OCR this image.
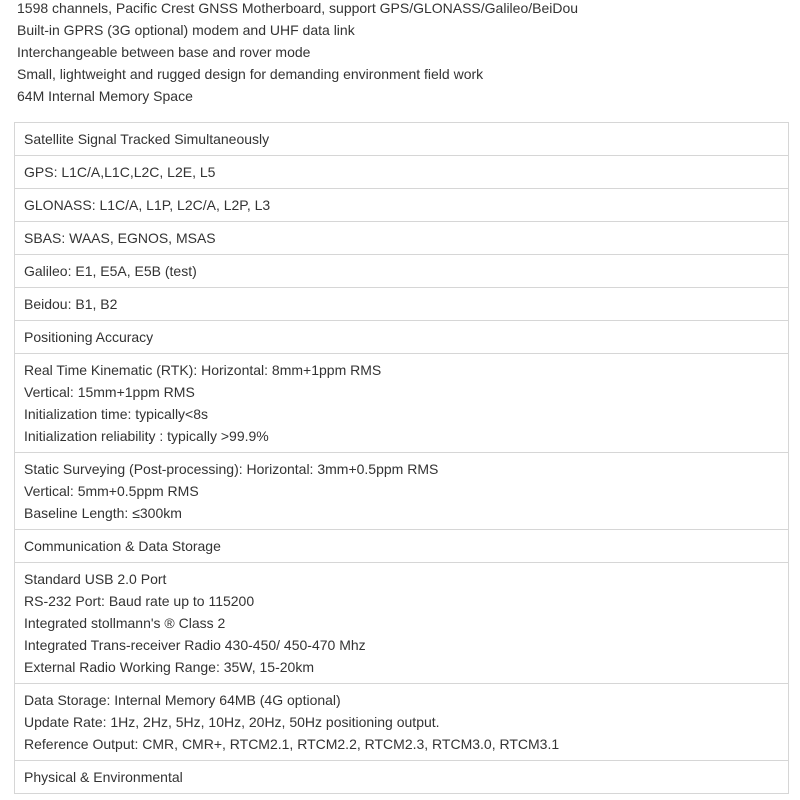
1598 channels, Pacific Crest GNSS Motherboard, support GPS/GLONASS/Galileo/BeiDou
Built-in GPRS (3G optional) modem and UHF data link
Interchangeable between base and rover mode
Small, lightweight and rugged design for demanding environment field work
64M Internal Memory Space
Satellite Signal Tracked Simultaneously
GPS: L1C/A,L1C,L2C, L2E, L5
GLONASS: L1C/A, L1P, L2C/A, L2P, L3
SBAS: WAAS, EGNOS, MSAS
Galileo: E1, E5A, E5B (test)
Beidou: B1, B2
Positioning Accuracy
Real Time Kinematic (RTK): Horizontal: 8mm+1ppm RMS
Vertical: 15mm+1ppm RMS
Initialization time: typically<8s
Initialization reliability : typically >99.9%
Static Surveying (Post-processing): Horizontal: 3mm+0.5ppm RMS
Vertical: 5mm+0.5ppm RMS
Baseline Length: ≤300km
Communication & Data Storage
Standard USB 2.0 Port
RS-232 Port: Baud rate up to 115200
Integrated stollmann's ® Class 2
Integrated Trans-receiver Radio 430-450/ 450-470 Mhz
External Radio Working Range: 35W, 15-20km
Data Storage: Internal Memory 64MB (4G optional)
Update Rate: 1Hz, 2Hz, 5Hz, 10Hz, 20Hz, 50Hz positioning output.
Reference Output: CMR, CMR+, RTCM2.1, RTCM2.2, RTCM2.3, RTCM3.0, RTCM3.1
Physical & Environmental
